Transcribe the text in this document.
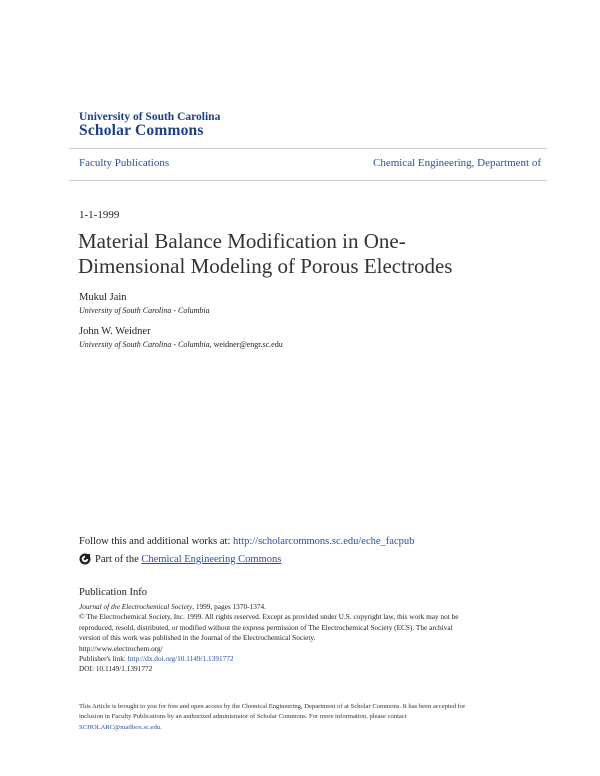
University of South Carolina
Scholar Commons
Faculty Publications	Chemical Engineering, Department of
1-1-1999
Material Balance Modification in One-
Dimensional Modeling of Porous Electrodes
Mukul Jain
University of South Carolina - Columbia
John W. Weidner
University of South Carolina - Columbia, weidner@engr.sc.edu
Follow this and additional works at: http://scholarcommons.sc.edu/eche_facpub
Part of the
Chemical Engineering Commons
Publication Info
Journal of the Electrochemical Society, 1999, pages 1370-1374.
© The Electrochemical Society, Inc. 1999. All rights reserved. Except as provided under U.S. copyright law, this work may not be
reproduced, resold, distributed, or modified without the express permission of The Electrochemical Society (ECS). The archival
version of this work was published in the Journal of the Electrochemical Society.
http://www.electrochem.org/
Publisher's link: http://dx.doi.org/10.1149/1.1391772
DOI: 10.1149/1.1391772
This Article is brought to you for free and open access by the Chemical Engineering, Department of at Scholar Commons. It has been accepted for
inclusion in Faculty Publications by an authorized administrator of Scholar Commons. For more information, please contact
SCHOLARC@mailbox.sc.edu.
